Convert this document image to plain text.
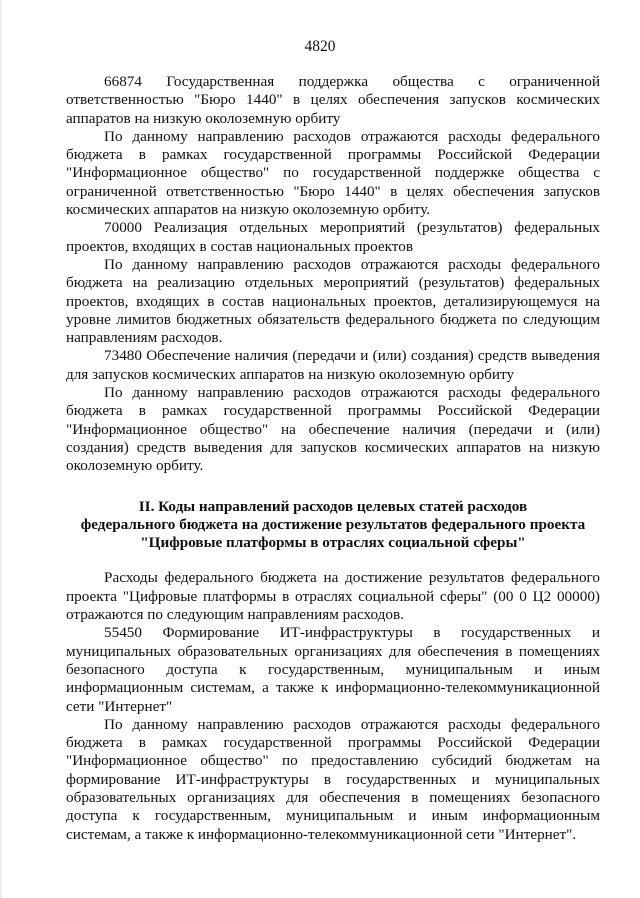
4820

66874 Государственная поддержка общества с ограниченной ответственностью "Бюро 1440" в целях обеспечения запусков космических аппаратов на низкую околоземную орбиту

По данному направлению расходов отражаются расходы федерального бюджета в рамках государственной программы Российской Федерации "Информационное общество" по государственной поддержке общества с ограниченной ответственностью "Бюро 1440" в целях обеспечения запусков космических аппаратов на низкую околоземную орбиту.

70000 Реализация отдельных мероприятий (результатов) федеральных проектов, входящих в состав национальных проектов

По данному направлению расходов отражаются расходы федерального бюджета на реализацию отдельных мероприятий (результатов) федеральных проектов, входящих в состав национальных проектов, детализирующемуся на уровне лимитов бюджетных обязательств федерального бюджета по следующим направлениям расходов.

73480 Обеспечение наличия (передачи и (или) создания) средств выведения для запусков космических аппаратов на низкую околоземную орбиту

По данному направлению расходов отражаются расходы федерального бюджета в рамках государственной программы Российской Федерации "Информационное общество" на обеспечение наличия (передачи и (или) создания) средств выведения для запусков космических аппаратов на низкую околоземную орбиту.

II. Коды направлений расходов целевых статей расходов
федерального бюджета на достижение результатов федерального проекта
"Цифровые платформы в отраслях социальной сферы"

Расходы федерального бюджета на достижение результатов федерального проекта "Цифровые платформы в отраслях социальной сферы" (00 0 Ц2 00000) отражаются по следующим направлениям расходов.

55450 Формирование ИТ-инфраструктуры в государственных и муниципальных образовательных организациях для обеспечения в помещениях безопасного доступа к государственным, муниципальным и иным информационным системам, а также к информационно-телекоммуникационной сети "Интернет"

По данному направлению расходов отражаются расходы федерального бюджета в рамках государственной программы Российской Федерации "Информационное общество" по предоставлению субсидий бюджетам на формирование ИТ-инфраструктуры в государственных и муниципальных образовательных организациях для обеспечения в помещениях безопасного доступа к государственным, муниципальным и иным информационным системам, а также к информационно-телекоммуникационной сети "Интернет".
